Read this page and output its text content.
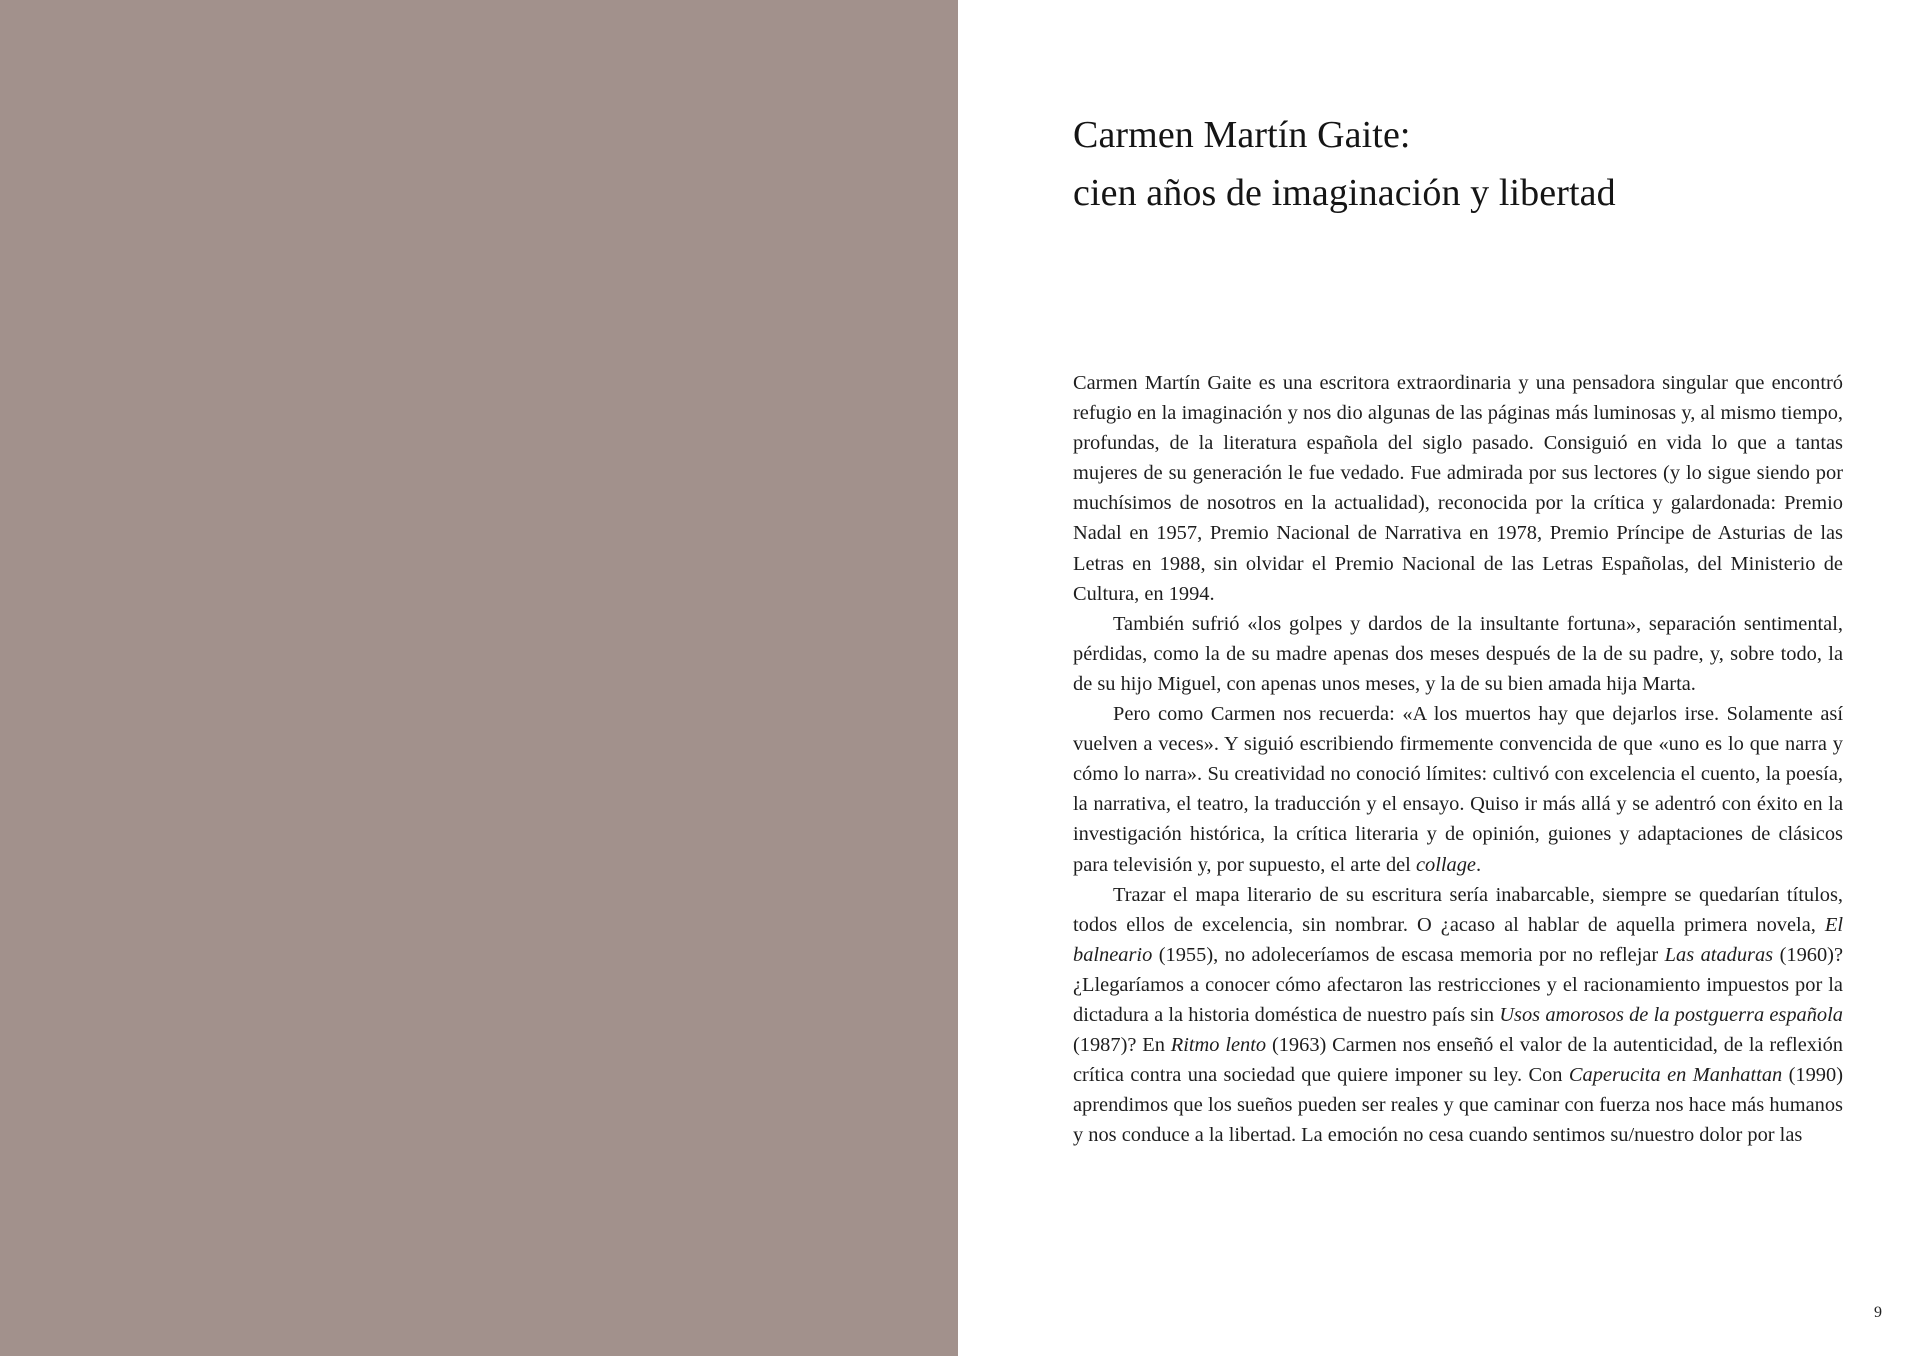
Carmen Martín Gaite:
cien años de imaginación y libertad

Carmen Martín Gaite es una escritora extraordinaria y una pensadora singular que encontró refugio en la imaginación y nos dio algunas de las páginas más luminosas y, al mismo tiempo, profundas, de la literatura española del siglo pasado. Consiguió en vida lo que a tantas mujeres de su generación le fue vedado. Fue admirada por sus lectores (y lo sigue siendo por muchísimos de nosotros en la actualidad), reconocida por la crítica y galardonada: Premio Nadal en 1957, Premio Nacional de Narrativa en 1978, Premio Príncipe de Asturias de las Letras en 1988, sin olvidar el Premio Nacional de las Letras Españolas, del Ministerio de Cultura, en 1994.

También sufrió «los golpes y dardos de la insultante fortuna», separación sentimental, pérdidas, como la de su madre apenas dos meses después de la de su padre, y, sobre todo, la de su hijo Miguel, con apenas unos meses, y la de su bien amada hija Marta.

Pero como Carmen nos recuerda: «A los muertos hay que dejarlos irse. Solamente así vuelven a veces». Y siguió escribiendo firmemente convencida de que «uno es lo que narra y cómo lo narra». Su creatividad no conoció límites: cultivó con excelencia el cuento, la poesía, la narrativa, el teatro, la traducción y el ensayo. Quiso ir más allá y se adentró con éxito en la investigación histórica, la crítica literaria y de opinión, guiones y adaptaciones de clásicos para televisión y, por supuesto, el arte del collage.

Trazar el mapa literario de su escritura sería inabarcable, siempre se quedarían títulos, todos ellos de excelencia, sin nombrar. O ¿acaso al hablar de aquella primera novela, El balneario (1955), no adoleceríamos de escasa memoria por no reflejar Las ataduras (1960)? ¿Llegaríamos a conocer cómo afectaron las restricciones y el racionamiento impuestos por la dictadura a la historia doméstica de nuestro país sin Usos amorosos de la postguerra española (1987)? En Ritmo lento (1963) Carmen nos enseñó el valor de la autenticidad, de la reflexión crítica contra una sociedad que quiere imponer su ley. Con Caperucita en Manhattan (1990) aprendimos que los sueños pueden ser reales y que caminar con fuerza nos hace más humanos y nos conduce a la libertad. La emoción no cesa cuando sentimos su/nuestro dolor por las

9
